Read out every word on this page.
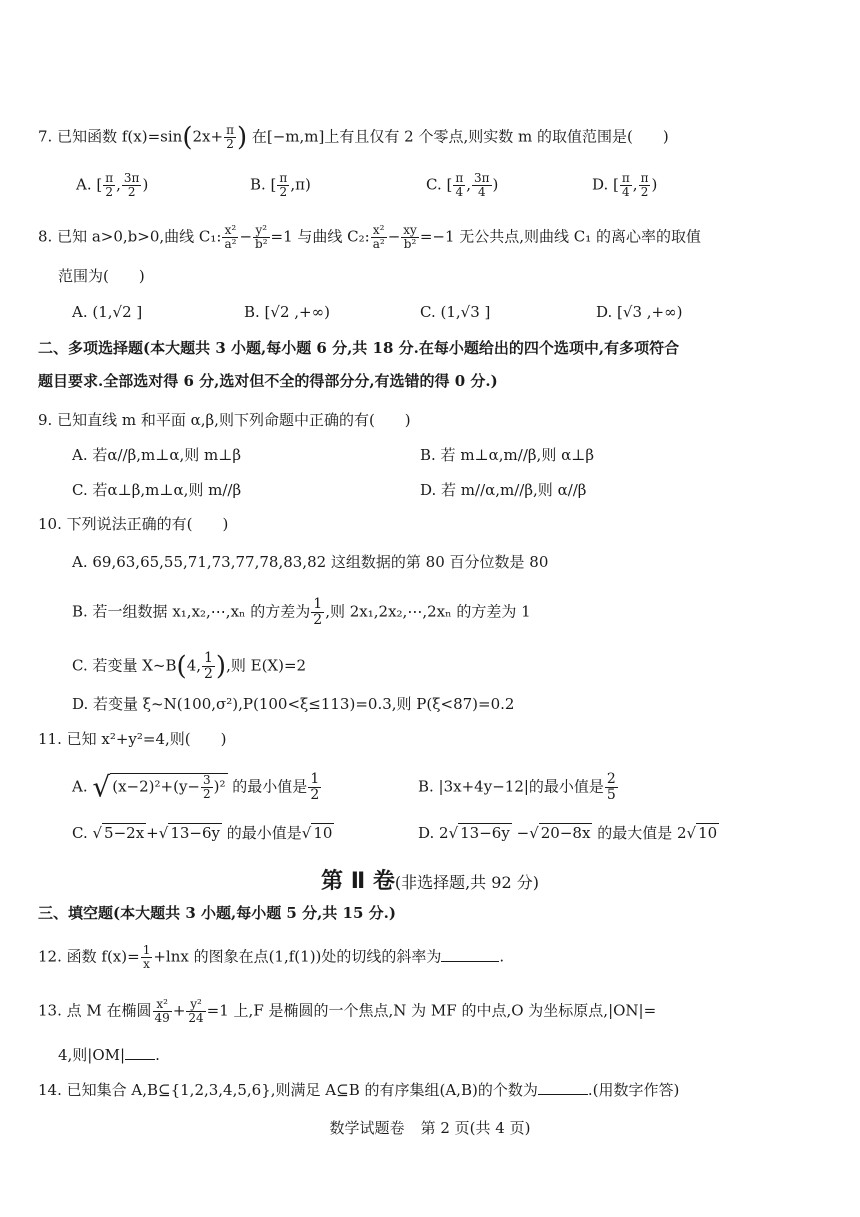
7. 已知函数 $f(x)=\sin(2x+ \frac{\pi}{2}$ ) 在[−m,m]上有且仅有 2 个零点,则实数 m 的取值范围是(　　)
A. [ $\frac{\pi}{2}$ , $\frac{3\pi}{2}$ )	B. [ $\frac{\pi}{2} ,\pi$)	C. [ $\frac{\pi}{4}$ , $\frac{3\pi}{4}$ )	D. [ $\frac{\pi}{4}$ , $\frac{\pi}{2}$ )
8. 已知 a>0,b>0,曲线 C₁: $\frac{\text{x²}}{\text{a²}} - \frac{\text{y²}}{\text{b²}} =1$ 与曲线 C₂: $\frac{\text{x²}}{\text{a²}} - \frac{xy}{\text{b²}} =-1$ 无公共点,则曲线 C₁ 的离心率的取值
范围为(　　)
A. (1,√2 ]	B. [√2 ,+∞)	C. (1,√3 ]	D. [√3 ,+∞)
二、多项选择题(本大题共 3 小题,每小题 6 分,共 18 分.在每小题给出的四个选项中,有多项符合
题目要求.全部选对得 6 分,选对但不全的得部分分,有选错的得 0 分.)
9. 已知直线 m 和平面 α,β,则下列命题中正确的有(　　)
A. 若α//β,m⊥α,则 m⊥β	B. 若 m⊥α,m//β,则 α⊥β
C. 若α⊥β,m⊥α,则 m//β	D. 若 m//α,m//β,则 α//β
10. 下列说法正确的有(　　)
A. 69,63,65,55,71,73,77,78,83,82 这组数据的第 80 百分位数是 80
B. 若一组数据 x₁,x₂,⋯,xₙ 的方差为 $\frac{1}{2}$ ,则 2x₁,2x₂,⋯,2xₙ 的方差为 1
C. 若变量 X~B(4, $\frac{1}{2}$ ),则 E(X)=2
D. 若变量 ξ~N(100,σ²),P(100<ξ≤113)=0.3,则 P(ξ<87)=0.2
11. 已知 x²+y²=4,则(　　)
A. √ $(x-2)^2+(y- \frac{3}{2} )^2$ 的最小值是 $\frac{1}{2}$	B. |3x+4y−12|的最小值是 $\frac{2}{5}$
C. √ 5−2x +√ 13−6y 的最小值是√ 10	D. 2√ 13−6y −√ 20−8x 的最大值是 2√ 10
第 Ⅱ 卷(非选择题,共 92 分)
三、填空题(本大题共 3 小题,每小题 5 分,共 15 分.)
12. 函数 $f(x)= \frac{1}{x} +\ln x$ 的图象在点(1,f(1))处的切线的斜率为	.
13. 点 M 在椭圆 $\frac{\text{x²}}{49} + \frac{\text{y²}}{24} =1$ 上,F 是椭圆的一个焦点,N 为 MF 的中点,O 为坐标原点,|ON|=
4,则|OM| .
14. 已知集合 A,B⊆{1,2,3,4,5,6},则满足 A⊆B 的有序集组(A,B)的个数为	.(用数字作答)
数学试题卷 第 2 页(共 4 页)
